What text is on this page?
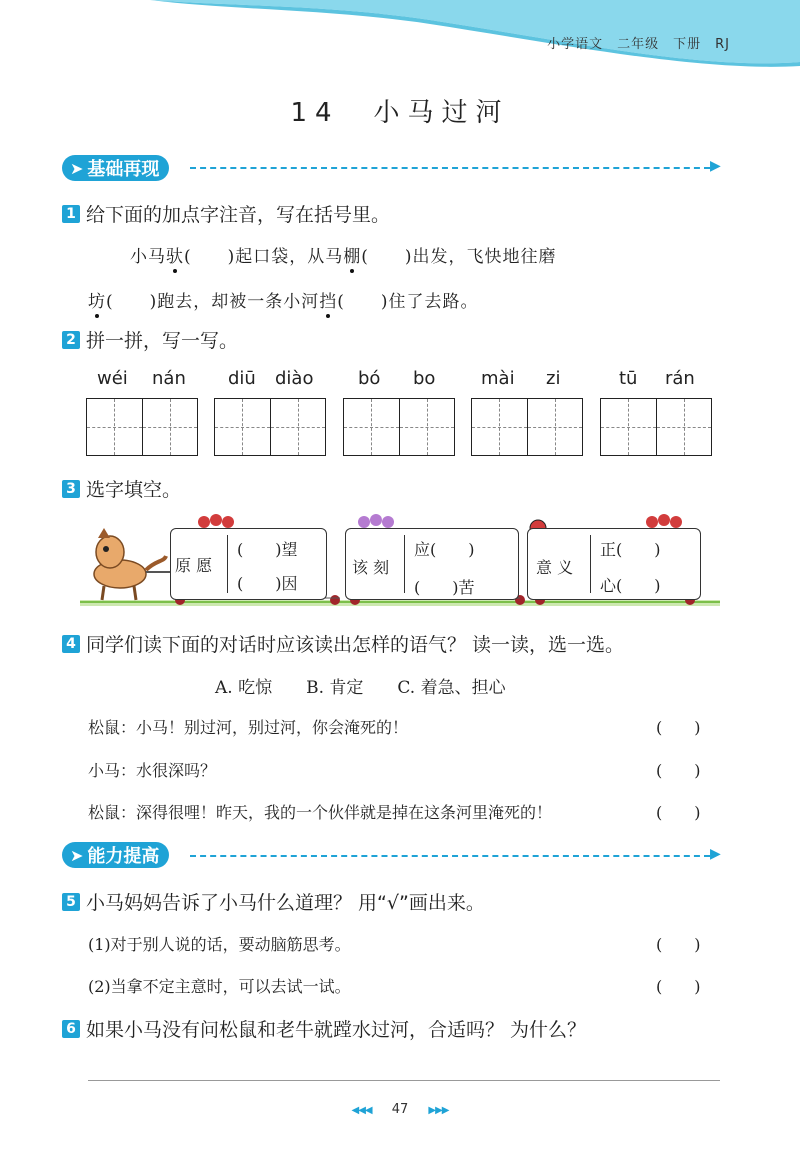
小学语文　二年级　下册　RJ
14　小马过河
➤ 基础再现	▶
1 给下面的加点字注音，写在括号里。
小马驮(　　)起口袋，从马棚(　　)出发，飞快地往磨
坊(　　)跑去，却被一条小河挡(　　)住了去路。
2 拼一拼，写一写。
wéi nán diū diào bó bo	mài zi	tū rán
3 选字填空。
原 愿
(　　)望
(　　)因
该 刻
应(　　)
(　　)苦
意 义
正(　　)
心(　　)
4 同学们读下面的对话时应该读出怎样的语气？ 读一读，选一选。
A. 吃惊　　B. 肯定　　C. 着急、担心
松鼠：小马！别过河，别过河，你会淹死的！	(　　)
小马：水很深吗？	(　　)
松鼠：深得很哩！昨天，我的一个伙伴就是掉在这条河里淹死的！	(　　)
➤ 能力提高	▶
5 小马妈妈告诉了小马什么道理？ 用“√”画出来。
(1)对于别人说的话，要动脑筋思考。	(　　)
(2)当拿不定主意时，可以去试一试。	(　　)
6 如果小马没有问松鼠和老牛就蹚水过河，合适吗？ 为什么？
◀◀◀ 47 ▶▶▶
